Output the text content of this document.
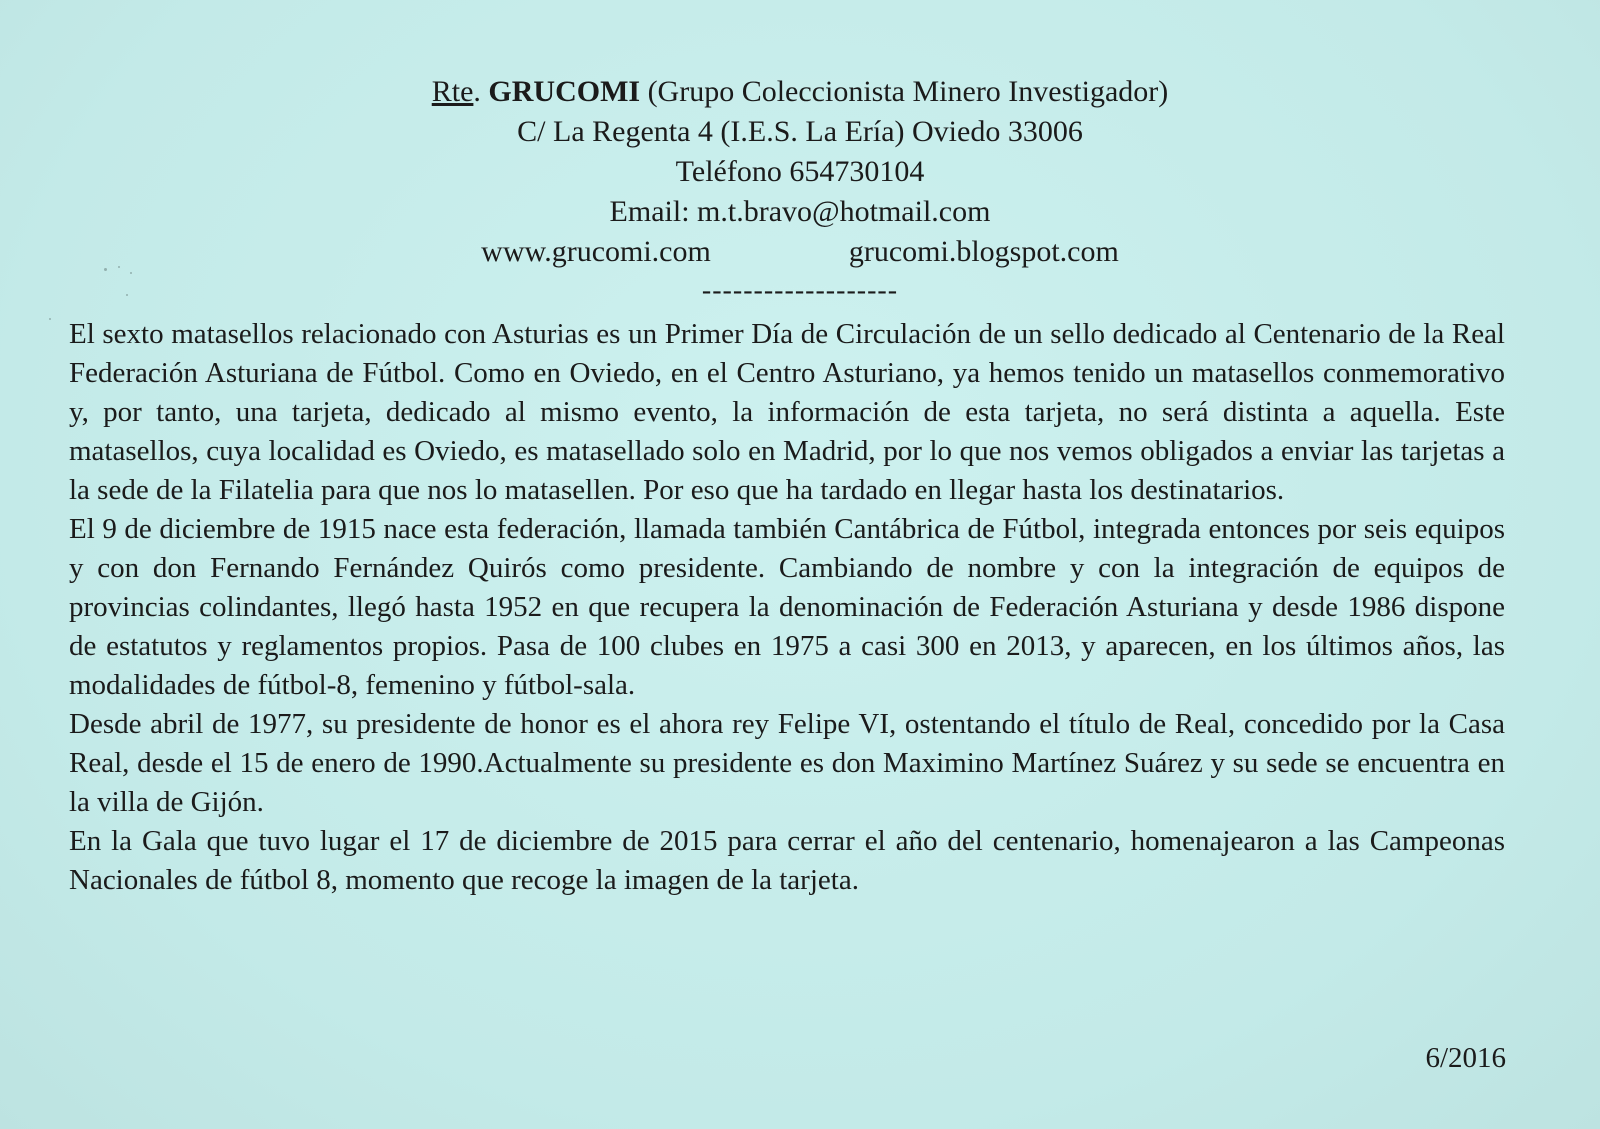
Rte. GRUCOMI (Grupo Coleccionista Minero Investigador)
C/ La Regenta 4 (I.E.S. La Ería) Oviedo 33006
Teléfono 654730104
Email: m.t.bravo@hotmail.com
www.grucomi.com	grucomi.blogspot.com
-------------------

El sexto matasellos relacionado con Asturias es un Primer Día de Circulación de un sello dedicado al Centenario de la Real Federación Asturiana de Fútbol. Como en Oviedo, en el Centro Asturiano, ya hemos tenido un matasellos conmemorativo y, por tanto, una tarjeta, dedicado al mismo evento, la información de esta tarjeta, no será distinta a aquella. Este matasellos, cuya localidad es Oviedo, es matasellado solo en Madrid, por lo que nos vemos obligados a enviar las tarjetas a la sede de la Filatelia para que nos lo matasellen. Por eso que ha tardado en llegar hasta los destinatarios.

El 9 de diciembre de 1915 nace esta federación, llamada también Cantábrica de Fútbol, integrada entonces por seis equipos y con don Fernando Fernández Quirós como presidente. Cambiando de nombre y con la integración de equipos de provincias colindantes, llegó hasta 1952 en que recupera la denominación de Federación Asturiana y desde 1986 dispone de estatutos y reglamentos propios. Pasa de 100 clubes en 1975 a casi 300 en 2013, y aparecen, en los últimos años, las modalidades de fútbol-8, femenino y fútbol-sala.

Desde abril de 1977, su presidente de honor es el ahora rey Felipe VI, ostentando el título de Real, concedido por la Casa Real, desde el 15 de enero de 1990.Actualmente su presidente es don Maximino Martínez Suárez y su sede se encuentra en la villa de Gijón.

En la Gala que tuvo lugar el 17 de diciembre de 2015 para cerrar el año del centenario, homenajearon a las Campeonas Nacionales de fútbol 8, momento que recoge la imagen de la tarjeta.

6/2016
